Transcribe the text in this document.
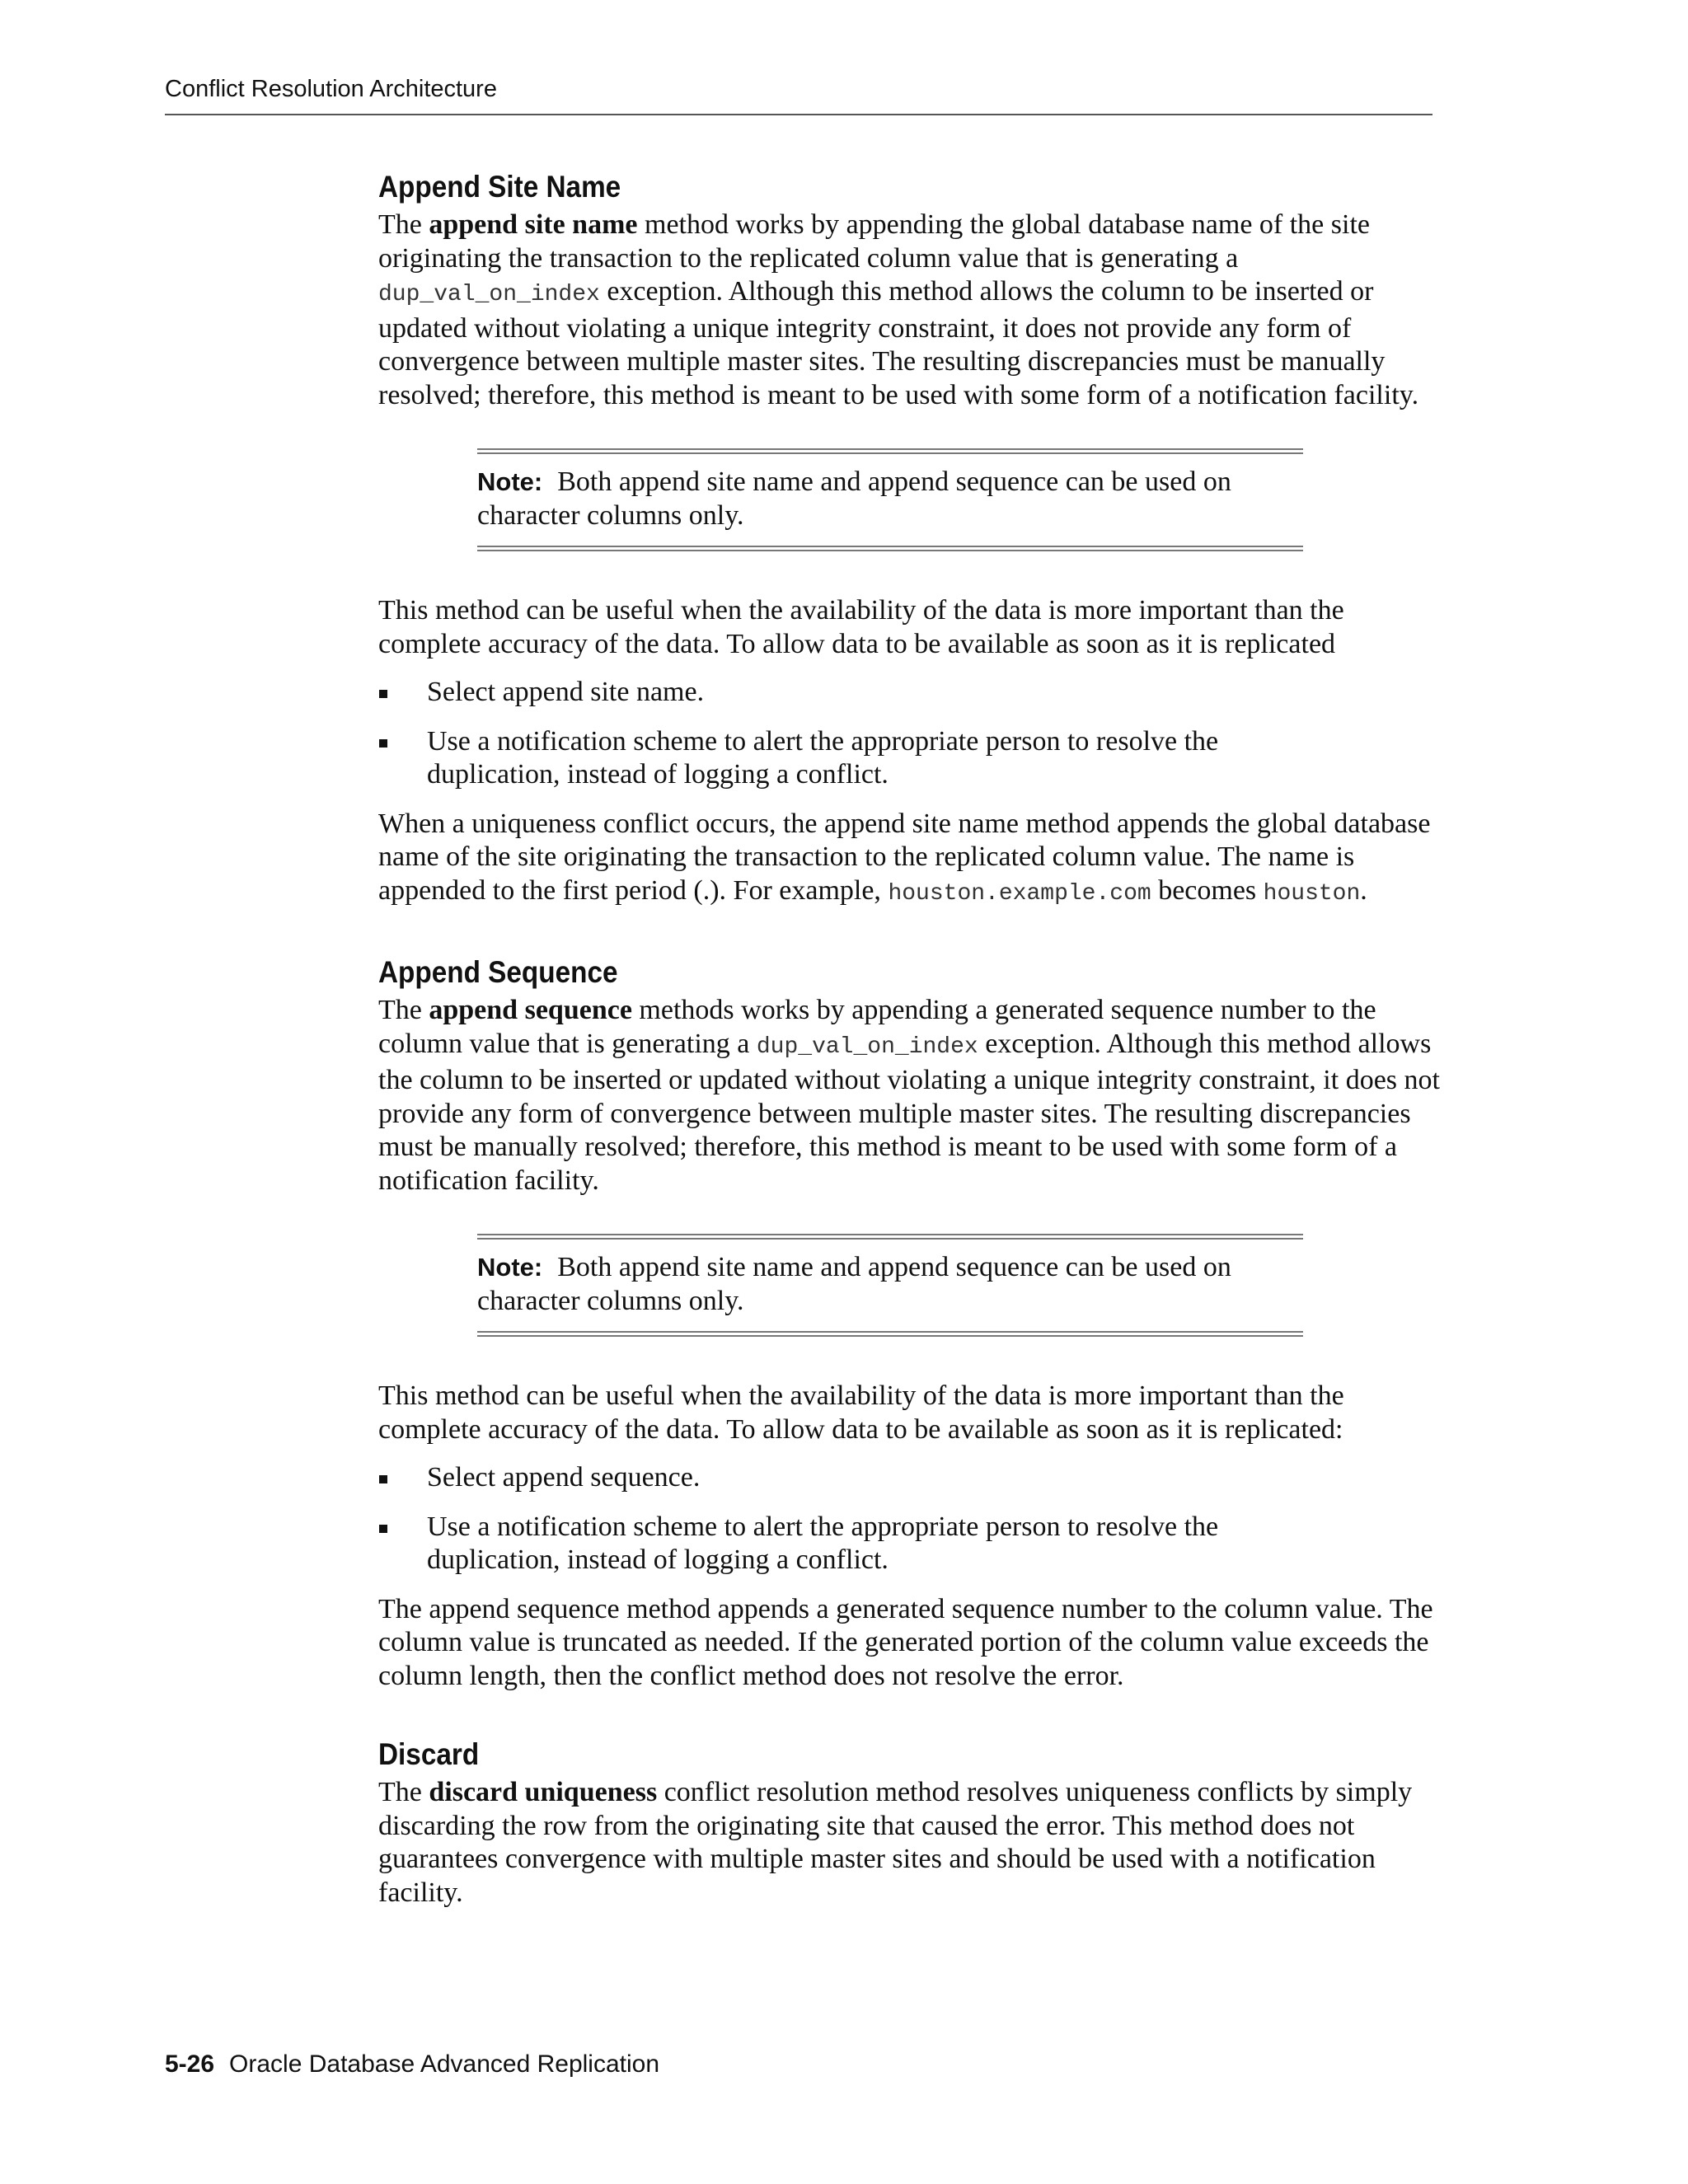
Conflict Resolution Architecture
Append Site Name

The append site name method works by appending the global database name of the site originating the transaction to the replicated column value that is generating a dup_val_on_index exception. Although this method allows the column to be inserted or updated without violating a unique integrity constraint, it does not provide any form of convergence between multiple master sites. The resulting discrepancies must be manually resolved; therefore, this method is meant to be used with some form of a notification facility.

Note: Both append site name and append sequence can be used on character columns only.

This method can be useful when the availability of the data is more important than the complete accuracy of the data. To allow data to be available as soon as it is replicated

Select append site name.
Use a notification scheme to alert the appropriate person to resolve the duplication, instead of logging a conflict.

When a uniqueness conflict occurs, the append site name method appends the global database name of the site originating the transaction to the replicated column value. The name is appended to the first period (.). For example, houston.example.com becomes houston.

Append Sequence

The append sequence methods works by appending a generated sequence number to the column value that is generating a dup_val_on_index exception. Although this method allows the column to be inserted or updated without violating a unique integrity constraint, it does not provide any form of convergence between multiple master sites. The resulting discrepancies must be manually resolved; therefore, this method is meant to be used with some form of a notification facility.

Note: Both append site name and append sequence can be used on character columns only.

This method can be useful when the availability of the data is more important than the complete accuracy of the data. To allow data to be available as soon as it is replicated:

Select append sequence.
Use a notification scheme to alert the appropriate person to resolve the duplication, instead of logging a conflict.

The append sequence method appends a generated sequence number to the column value. The column value is truncated as needed. If the generated portion of the column value exceeds the column length, then the conflict method does not resolve the error.

Discard

The discard uniqueness conflict resolution method resolves uniqueness conflicts by simply discarding the row from the originating site that caused the error. This method does not guarantees convergence with multiple master sites and should be used with a notification facility.

5-26 Oracle Database Advanced Replication
